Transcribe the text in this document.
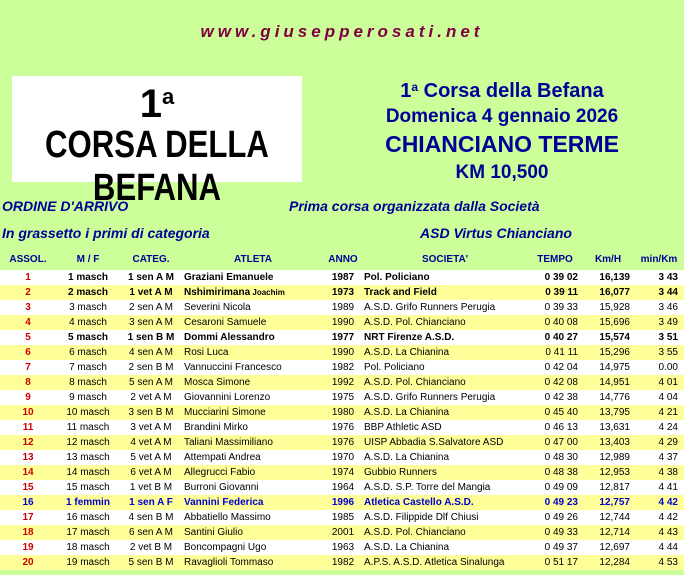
www.giusepperosati.net
1$^a$
CORSA DELLA BEFANA
1$^a$ Corsa della Befana
Domenica 4 gennaio 2026
CHIANCIANO TERME
KM 10,500
ORDINE D'ARRIVO	Prima corsa organizzata dalla Società
In grassetto i primi di categoria	ASD Virtus Chianciano
ASSOL.	M / F	CATEG.	ATLETA	ANNO	SOCIETA'	TEMPO	Km/H	min/Km
1	1 masch	1 sen A M	Graziani Emanuele	1987	Pol. Policiano	0 39 02	16,139	3 43
2	2 masch	1 vet A M	Nshimirimana Joachim	1973	Track and Field	0 39 11	16,077	3 44
3	3 masch	2 sen A M	Severini Nicola	1989	A.S.D. Grifo Runners Perugia	0 39 33	15,928	3 46
4	4 masch	3 sen A M	Cesaroni Samuele	1990	A.S.D. Pol. Chianciano	0 40 08	15,696	3 49
5	5 masch	1 sen B M	Dommi Alessandro	1977	NRT Firenze A.S.D.	0 40 27	15,574	3 51
6	6 masch	4 sen A M	Rosi Luca	1990	A.S.D. La Chianina	0 41 11	15,296	3 55
7	7 masch	2 sen B M	Vannuccini Francesco	1982	Pol. Policiano	0 42 04	14,975	0.00
8	8 masch	5 sen A M	Mosca Simone	1992	A.S.D. Pol. Chianciano	0 42 08	14,951	4 01
9	9 masch	2 vet A M	Giovannini Lorenzo	1975	A.S.D. Grifo Runners Perugia	0 42 38	14,776	4 04
10	10 masch	3 sen B M	Mucciarini Simone	1980	A.S.D. La Chianina	0 45 40	13,795	4 21
11	11 masch	3 vet A M	Brandini Mirko	1976	BBP Athletic ASD	0 46 13	13,631	4 24
12	12 masch	4 vet A M	Taliani Massimiliano	1976	UISP Abbadia S.Salvatore ASD	0 47 00	13,403	4 29
13	13 masch	5 vet A M	Attempati Andrea	1970	A.S.D. La Chianina	0 48 30	12,989	4 37
14	14 masch	6 vet A M	Allegrucci Fabio	1974	Gubbio Runners	0 48 38	12,953	4 38
15	15 masch	1 vet B M	Burroni Giovanni	1964	A.S.D. S.P. Torre del Mangia	0 49 09	12,817	4 41
16	1 femmin	1 sen A F	Vannini Federica	1996	Atletica Castello A.S.D.	0 49 23	12,757	4 42
17	16 masch	4 sen B M	Abbatiello Massimo	1985	A.S.D. Filippide Dlf Chiusi	0 49 26	12,744	4 42
18	17 masch	6 sen A M	Santini Giulio	2001	A.S.D. Pol. Chianciano	0 49 33	12,714	4 43
19	18 masch	2 vet B M	Boncompagni Ugo	1963	A.S.D. La Chianina	0 49 37	12,697	4 44
20	19 masch	5 sen B M	Ravaglioli Tommaso	1982	A.P.S. A.S.D. Atletica Sinalunga	0 51 17	12,284	4 53
